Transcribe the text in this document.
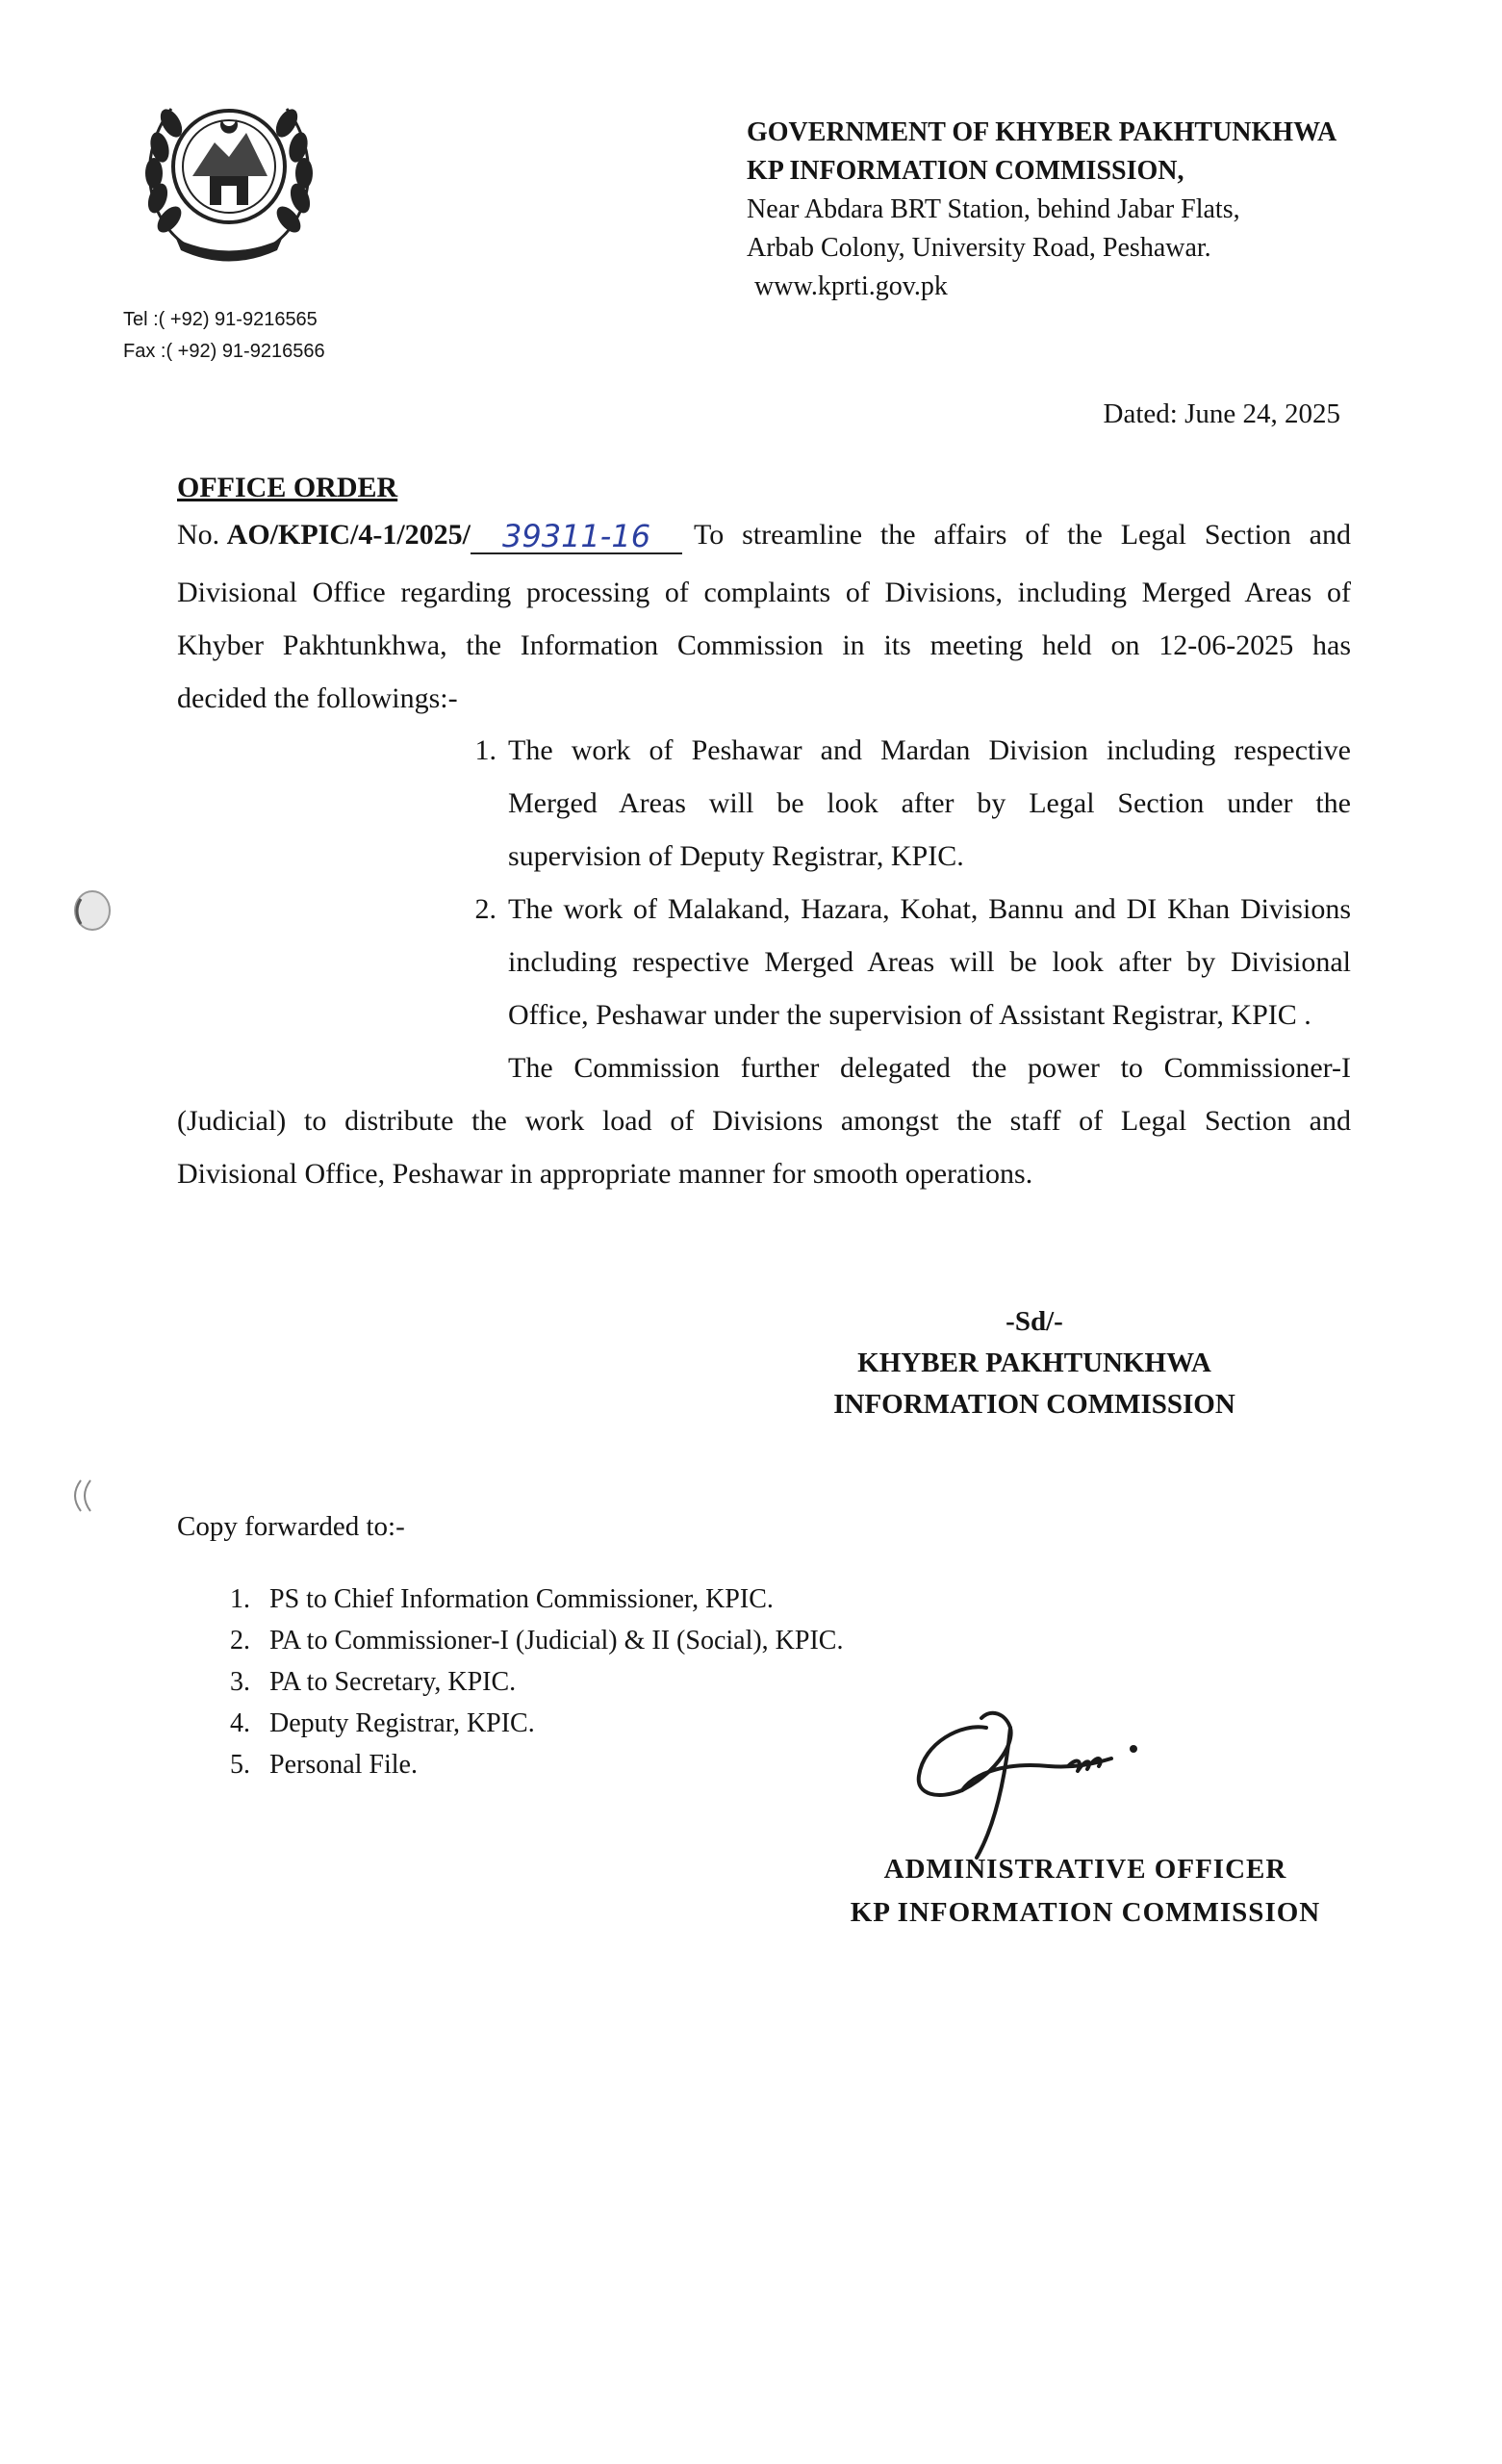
GOVERNMENT OF KHYBER PAKHTUNKHWA
KP INFORMATION COMMISSION,
Near Abdara BRT Station, behind Jabar Flats,
Arbab Colony, University Road, Peshawar.
www.kprti.gov.pk
Tel :( +92) 91-9216565
Fax :( +92) 91-9216566
Dated: June 24, 2025
OFFICE ORDER
No. AO/KPIC/4-1/2025/	39311-16	To streamline the affairs of the Legal Section and
Divisional Office regarding processing of complaints of Divisions, including Merged Areas of
Khyber Pakhtunkhwa, the Information Commission in its meeting held on 12-06-2025 has
decided the followings:-
1. The work of Peshawar and Mardan Division including respective
Merged Areas will be look after by Legal Section under the
supervision of Deputy Registrar, KPIC.
2. The work of Malakand, Hazara, Kohat, Bannu and DI Khan Divisions
including respective Merged Areas will be look after by Divisional
Office, Peshawar under the supervision of Assistant Registrar, KPIC .
The Commission further delegated the power to Commissioner-I
(Judicial) to distribute the work load of Divisions amongst the staff of Legal Section and
Divisional Office, Peshawar in appropriate manner for smooth operations.
-Sd/-
KHYBER PAKHTUNKHWA
INFORMATION COMMISSION
Copy forwarded to:-
1. PS to Chief Information Commissioner, KPIC.
2. PA to Commissioner-I (Judicial) & II (Social), KPIC.
3. PA to Secretary, KPIC.
4. Deputy Registrar, KPIC.
5. Personal File.
ADMINISTRATIVE OFFICER
KP INFORMATION COMMISSION
